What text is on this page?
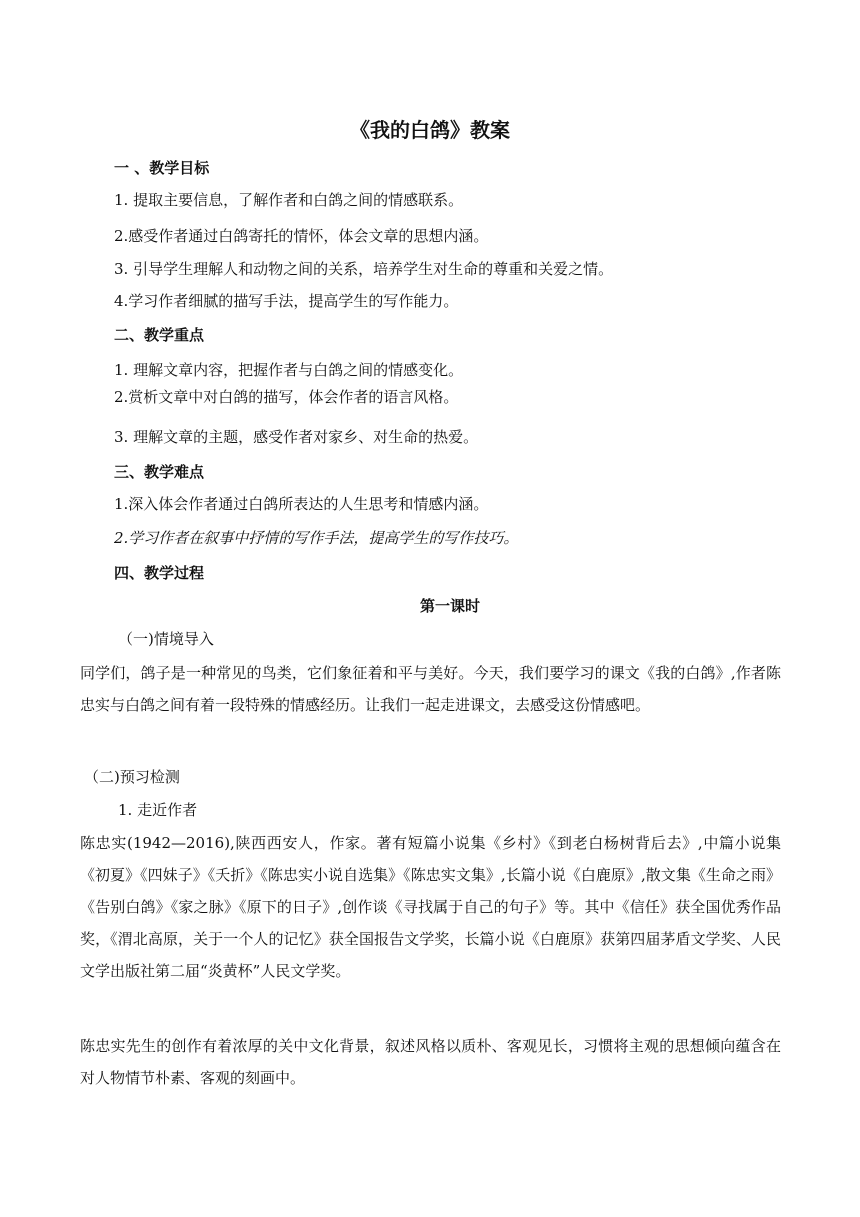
《我的白鸽》教案
一 、教学目标
1. 提取主要信息，了解作者和白鸽之间的情感联系。
2.感受作者通过白鸽寄托的情怀，体会文章的思想内涵。
3. 引导学生理解人和动物之间的关系，培养学生对生命的尊重和关爱之情。
4.学习作者细腻的描写手法，提高学生的写作能力。
二、教学重点
1. 理解文章内容，把握作者与白鸽之间的情感变化。
2.赏析文章中对白鸽的描写，体会作者的语言风格。
3. 理解文章的主题，感受作者对家乡、对生命的热爱。
三、教学难点
1.深入体会作者通过白鸽所表达的人生思考和情感内涵。
2.学习作者在叙事中抒情的写作手法，提高学生的写作技巧。
四、教学过程
第一课时
（一)情境导入
同学们，鸽子是一种常见的鸟类，它们象征着和平与美好。今天，我们要学习的课文《我的白鸽》,作者陈忠实与白鸽之间有着一段特殊的情感经历。让我们一起走进课文，去感受这份情感吧。
（二)预习检测
1. 走近作者
陈忠实(1942—2016),陕西西安人，作家。著有短篇小说集《乡村》《到老白杨树背后去》,中篇小说集《初夏》《四妹子》《夭折》《陈忠实小说自选集》《陈忠实文集》,长篇小说《白鹿原》,散文集《生命之雨》《告别白鸽》《家之脉》《原下的日子》,创作谈《寻找属于自己的句子》等。其中《信任》获全国优秀作品奖，《渭北高原，关于一个人的记忆》获全国报告文学奖，长篇小说《白鹿原》获第四届茅盾文学奖、人民文学出版社第二届“炎黄杯”人民文学奖。
陈忠实先生的创作有着浓厚的关中文化背景，叙述风格以质朴、客观见长，习惯将主观的思想倾向蕴含在对人物情节朴素、客观的刻画中。
